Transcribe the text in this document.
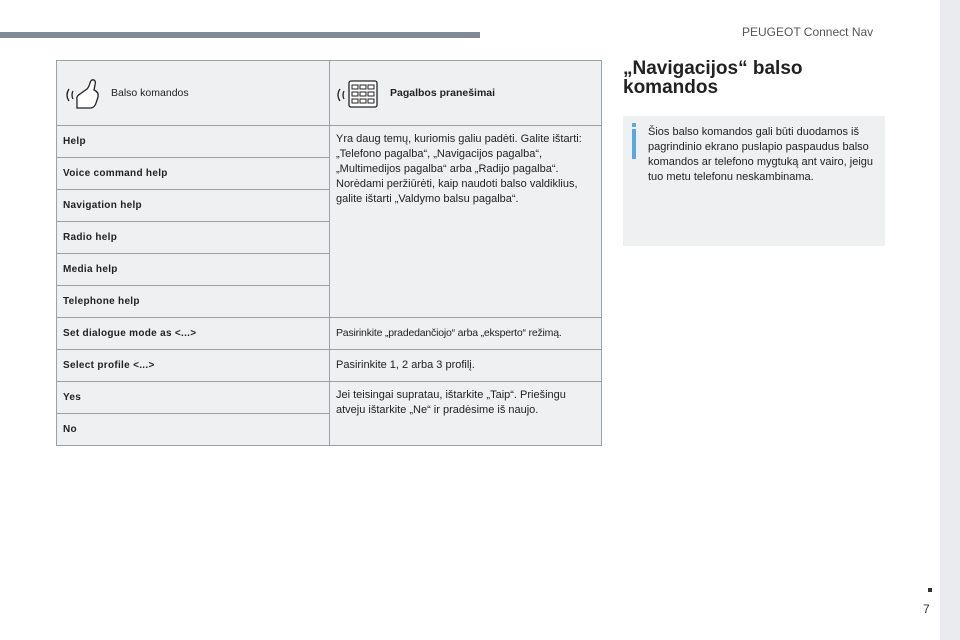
PEUGEOT Connect Nav
Balso komandos	Pagalbos pranešimai

Help	Yra daug temų, kuriomis galiu padėti. Galite ištarti: „Telefono pagalba“, „Navigacijos pagalba“, „Multimedijos pagalba“ arba „Radijo pagalba“. Norėdami peržiūrėti, kaip naudoti balso valdiklius, galite ištarti „Valdymo balsu pagalba“.
Voice command help	
Navigation help	
Radio help	
Media help	
Telephone help	
Set dialogue mode as <...>	Pasirinkite „pradedančiojo“ arba „eksperto“ režimą.
Select profile <...>	Pasirinkite 1, 2 arba 3 profilį.
Yes	Jei teisingai supratau, ištarkite „Taip“. Priešingu atveju ištarkite „Ne“ ir pradėsime iš naujo.
No	
„Navigacijos“ balso komandos
Šios balso komandos gali būti duodamos iš pagrindinio ekrano puslapio paspaudus balso komandos ar telefono mygtuką ant vairo, jeigu tuo metu telefonu neskambinama.
7
